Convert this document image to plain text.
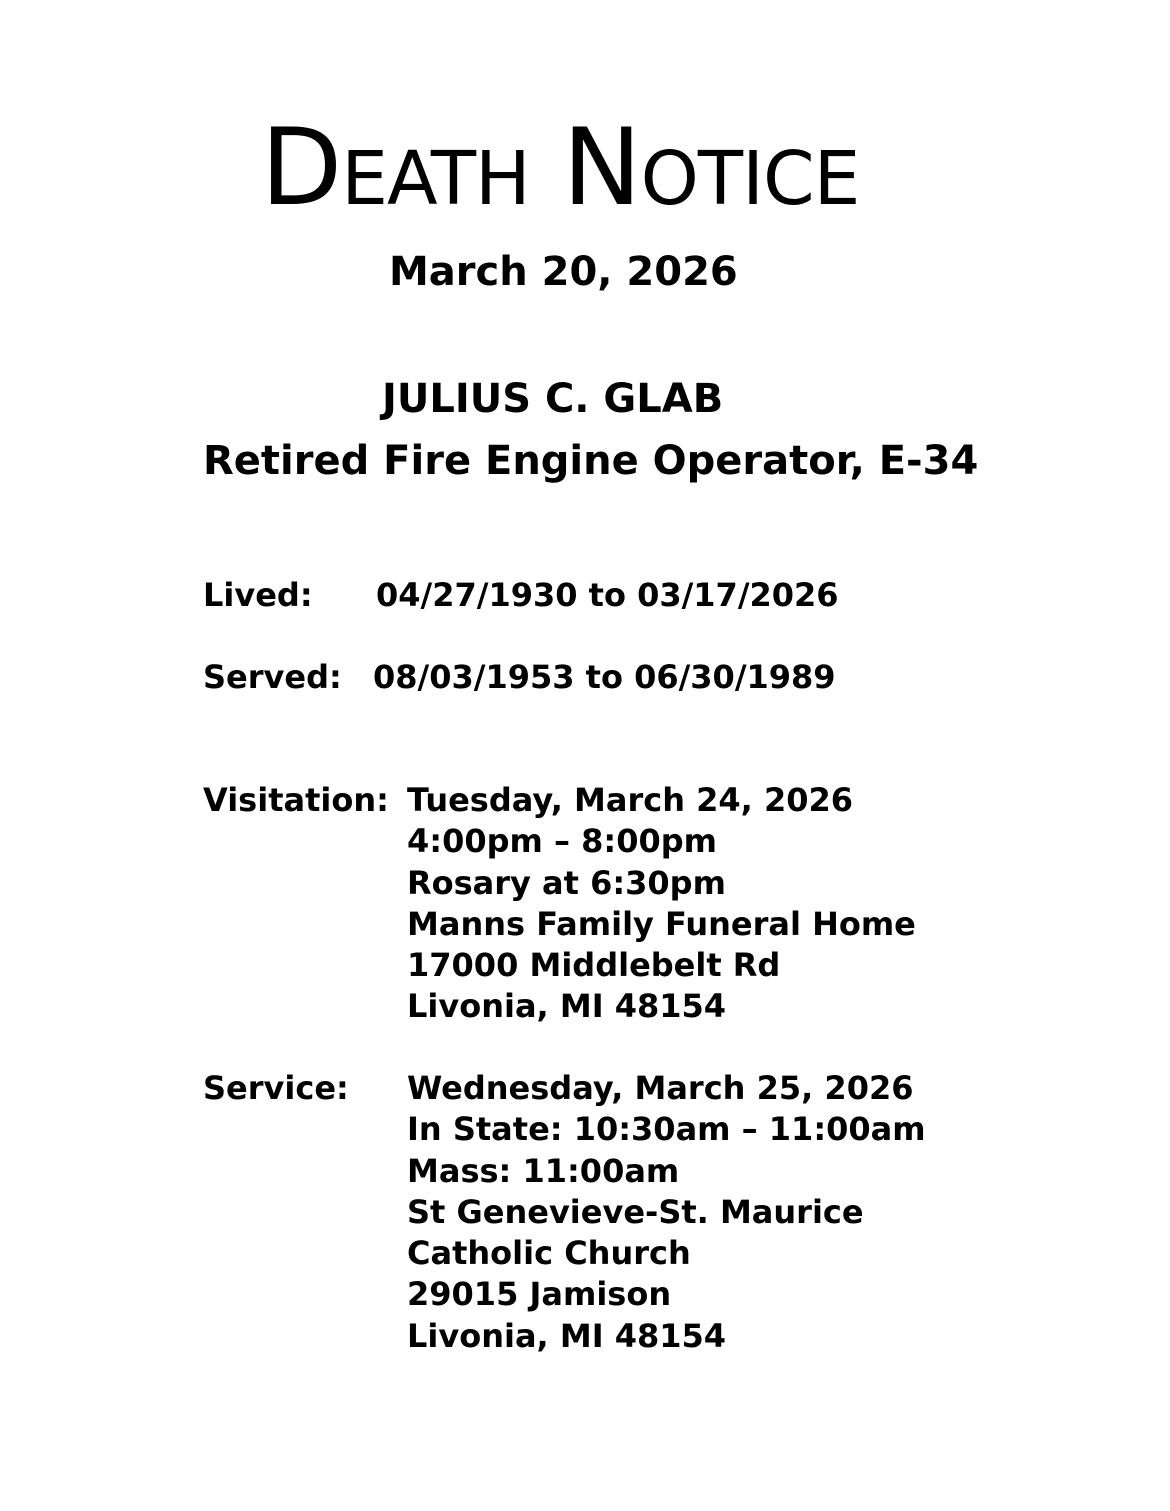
Death Notice
March 20, 2026
JULIUS C. GLAB
Retired Fire Engine Operator, E-34
Lived: 04/27/1930 to 03/17/2026
Served: 08/03/1953 to 06/30/1989
Visitation: Tuesday, March 24, 2026
4:00pm – 8:00pm
Rosary at 6:30pm
Manns Family Funeral Home
17000 Middlebelt Rd
Livonia, MI 48154
Service: Wednesday, March 25, 2026
In State: 10:30am – 11:00am
Mass: 11:00am
St Genevieve-St. Maurice
Catholic Church
29015 Jamison
Livonia, MI 48154
